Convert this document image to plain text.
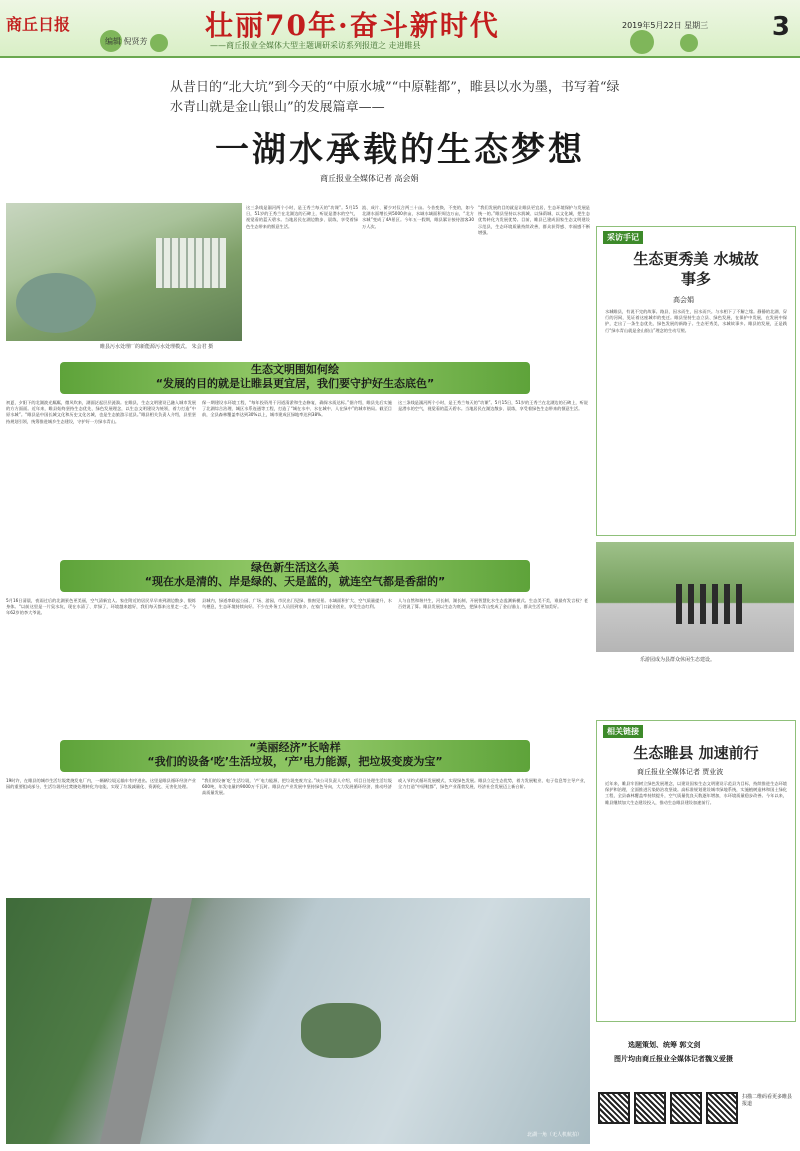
商丘日报
编辑 倪贤芳 壮丽70年·奋斗新时代
——商丘报业全媒体大型主题调研采访系列报道之 走进睢县
2019年5月22日 星期三 3
从昔日的“北大坑”到今天的“中原水城”“中原鞋都”，睢县以水为墨，书写着“绿水青山就是金山银山”的发展篇章——
一湖水承载的生态梦想
商丘报业全媒体记者 高会娟
睢县污水处理厂的新能源污水处理模式。 朱会君 摄
这三条线是溺河两个小时，是王秀兰每天的“功课”。5月15日，51岁的王秀兰在北湖边的石碑上，听说是潜水的空气，视觉看的蓝天碧水。当地居民在湖边散步、晨练，享受着绿色生态带来的惬意生活。
流、成片、蓄少对仅合两三十亩。今昔变换，不变的，如今北湖水面增长到5000余亩，水域水域面积周边万亩，“北方水城”变成了4A景区。今年五一假期，睢县累计接待游客30万人次。
“我们发展的目的就是让睢县更宜居，生态环境保护与发展是统一的。”睢县坚持以水润城、以绿荫城、以文化城，把生态优势转化为发展优势。目前，睢县已建成国家生态文明建设示范县，生态环境质量持续改善，群众获得感、幸福感不断增强。
生态文明围如何绘
“发展的目的就是让睢县更宜居，我们要守护好生态底色”
初夏，夕阳下的北湖波光粼粼，微风吹来，湖面泛起层层涟漪。在睢县，生态文明建设已融入城市发展的方方面面。近年来，睢县始终坚持生态优先、绿色发展理念，以生态文明建设为统领，着力打造“中原水城”。“睢县是中国长城文化和历史文化名城，也是生态旅游示范县。”睢县相关负责人介绍，县里坚持规划引领，统筹推进城乡生态建设，守护好一方绿水青山。
保一期建设水环境工程，“每年投资用于河道清淤和生态修复，确保水质达标。”据介绍，睢县先后实施了北湖综合治理、城区水系连通等工程，打造了“城在水中、水在城中、人在绿中”的城市格局。截至目前，全县森林覆盖率达到30%以上，城市建成区绿地率达到38%。
这三条线是溺河两个小时，是王秀兰每天的“功课”。5月15日，51岁的王秀兰在北湖边的石碑上，听说是潜水的空气，视觉看的蓝天碧水。当地居民在湖边散步、晨练，享受着绿色生态带来的惬意生活。
绿色新生活这么美
“现在水是清的、岸是绿的、天是蓝的，就连空气都是香甜的”
5月16日清晨，夜雨过后的北湖景色更美丽，空气清新宜人。家住附近的居民早早来到湖边散步、锻炼身体。“以前这里是一片臭水坑，现在水清了、岸绿了，环境越来越好，我们每天都来这里走一走。”今年62岁的李大爷说。
县城内，绿道串联起公园、广场、游园，市民出门见绿、推窗见景。水域面积扩大、空气质量提升，水鸟栖息，生态环境持续向好。不少在外务工人员回到家乡，在家门口就业创业，享受生态红利。
人与自然和谐共生，河长制、湖长制，开展智慧化水生态监测新模式。生态美不美，谁最有发言权？老百姓说了算。睢县发展以生态为底色，把绿水青山变成了金山银山，群众生活更加美好。
“美丽经济”长啥样
“我们的设备‘吃’生活垃圾，‘产’电力能源，把垃圾变废为宝”
19时许，在睢县的城市生活垃圾焚烧发电厂内，一辆辆垃圾运输车有序进出。这里是睢县循环经济产业园的重要组成部分，生活垃圾经过焚烧处理转化为电能，实现了垃圾减量化、资源化、无害化处理。
“我们的设备‘吃’生活垃圾，‘产’电力能源，把垃圾变废为宝。”该公司负责人介绍，项目日处理生活垃圾600吨，年发电量约9000万千瓦时。睢县在产业发展中坚持绿色导向，大力发展循环经济，推动经济高质量发展。
或入节约式循环发展模式，实现绿色发展。睢县立足生态优势，着力发展鞋业、电子信息等主导产业，全力打造“中原鞋都”，绿色产业蓬勃发展，经济社会发展迈上新台阶。
北湖一角（无人机航拍）
采访手记
生态更秀美 水城故事多
高会娟
水城睢县，有说不完的故事。路县，因水而生，因水而兴。与水相下了不解之缘。静静的北湖、穿行的河网，见证着这座城市的变迁。睢县坚持生态立县、绿色发展，在保护中发展，在发展中保护，走出了一条生态优先、绿色发展的新路子。生态更秀美，水城故事多。睢县的发展，正是践行“绿水青山就是金山银山”理念的生动写照。
乐游园成为县群众休闲生态建设。
相关链接
生态睢县 加速前行
商丘报业全媒体记者 贾业波
近年来，睢县牢固树立绿色发展理念，以建设国家生态文明建设示范县为目标，持续推进生态环境保护和治理，全面推进污染防治攻坚战。高标准规划建设城市绿地系统，实施植树造林和国土绿化工程，全县森林覆盖率持续提升，空气质量优良天数逐年增加，水环境质量稳步改善。今年以来，睢县继续加大生态建设投入，推动生态睢县建设加速前行。
选题策划、统筹 郭文剑
图片均由商丘报业全媒体记者魏义爱摄
扫描二维码看更多睢县报道
